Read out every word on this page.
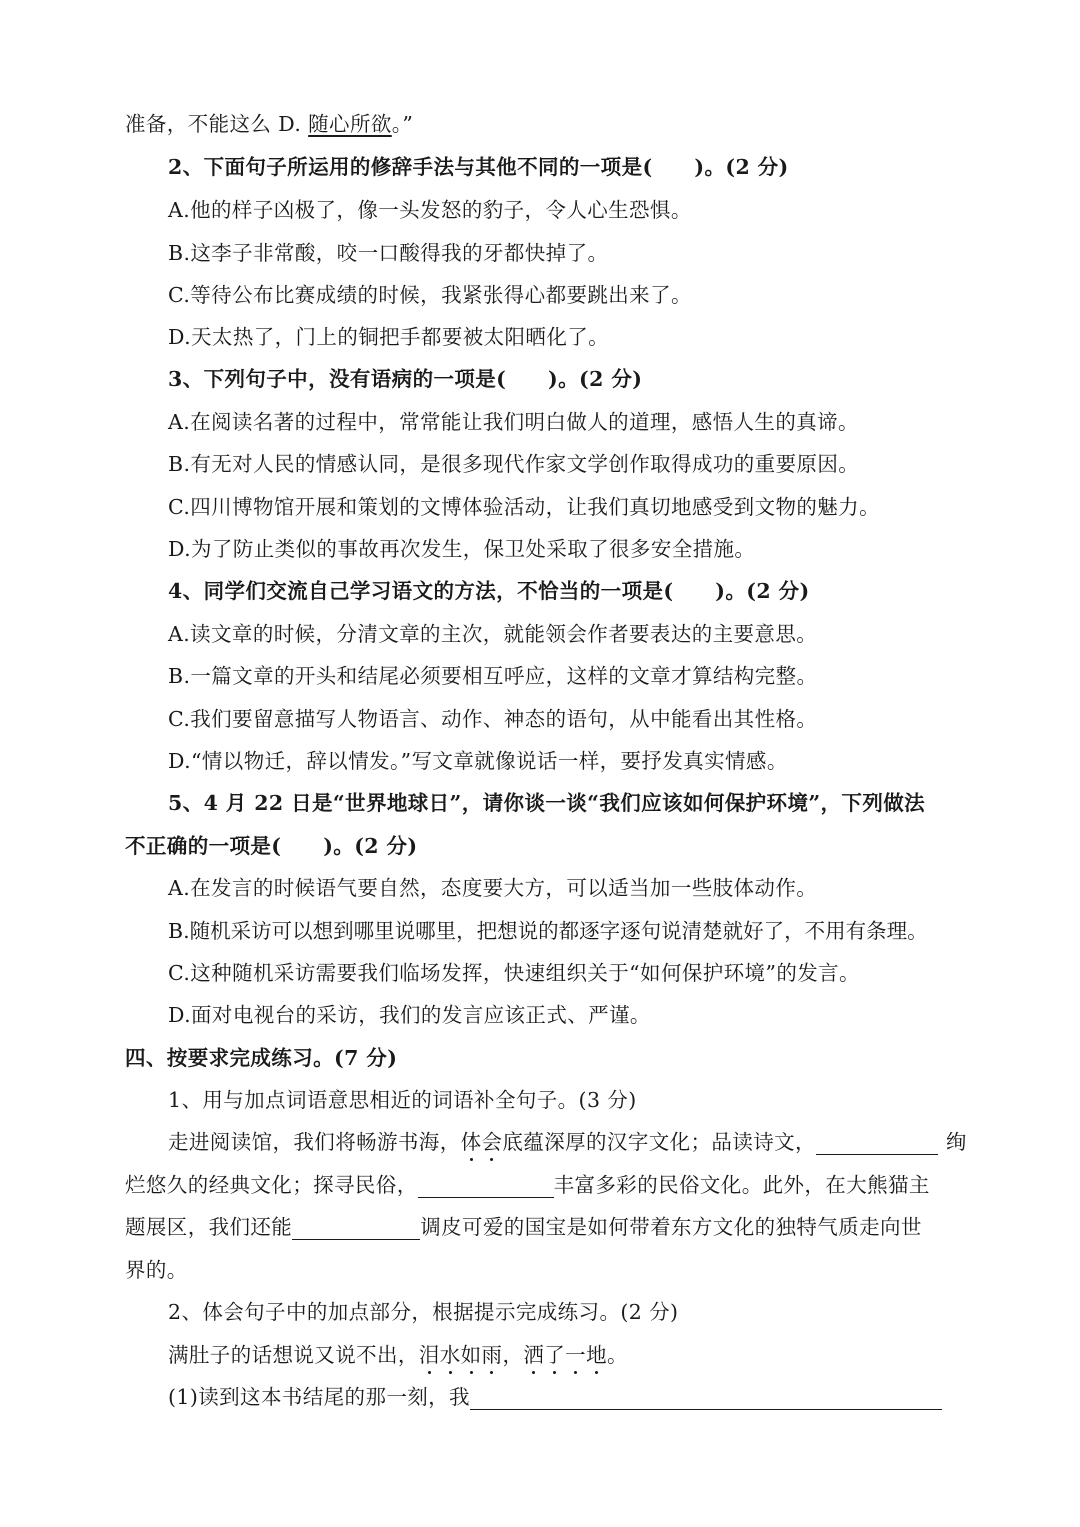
准备，不能这么 D. 随心所欲。”
2、下面句子所运用的修辞手法与其他不同的一项是(　　)。(2 分)
A.他的样子凶极了，像一头发怒的豹子，令人心生恐惧。
B.这李子非常酸，咬一口酸得我的牙都快掉了。
C.等待公布比赛成绩的时候，我紧张得心都要跳出来了。
D.天太热了，门上的铜把手都要被太阳晒化了。
3、下列句子中，没有语病的一项是(　　)。(2 分)
A.在阅读名著的过程中，常常能让我们明白做人的道理，感悟人生的真谛。
B.有无对人民的情感认同，是很多现代作家文学创作取得成功的重要原因。
C.四川博物馆开展和策划的文博体验活动，让我们真切地感受到文物的魅力。
D.为了防止类似的事故再次发生，保卫处采取了很多安全措施。
4、同学们交流自己学习语文的方法，不恰当的一项是(　　)。(2 分)
A.读文章的时候，分清文章的主次，就能领会作者要表达的主要意思。
B.一篇文章的开头和结尾必须要相互呼应，这样的文章才算结构完整。
C.我们要留意描写人物语言、动作、神态的语句，从中能看出其性格。
D.“情以物迁，辞以情发。”写文章就像说话一样，要抒发真实情感。
5、4 月 22 日是“世界地球日”，请你谈一谈“我们应该如何保护环境”，下列做法
不正确的一项是(　　)。(2 分)
A.在发言的时候语气要自然，态度要大方，可以适当加一些肢体动作。
B.随机采访可以想到哪里说哪里，把想说的都逐字逐句说清楚就好了，不用有条理。
C.这种随机采访需要我们临场发挥，快速组织关于“如何保护环境”的发言。
D.面对电视台的采访，我们的发言应该正式、严谨。
四、按要求完成练习。(7 分)
1、用与加点词语意思相近的词语补全句子。(3 分)
走进阅读馆，我们将畅游书海，体会底蕴深厚的汉字文化；品读诗文，	绚
烂悠久的经典文化；探寻民俗，	丰富多彩的民俗文化。此外，在大熊猫主
题展区，我们还能	调皮可爱的国宝是如何带着东方文化的独特气质走向世
界的。
2、体会句子中的加点部分，根据提示完成练习。(2 分)
满肚子的话想说又说不出，泪水如雨，洒了一地。
(1)读到这本书结尾的那一刻，我
